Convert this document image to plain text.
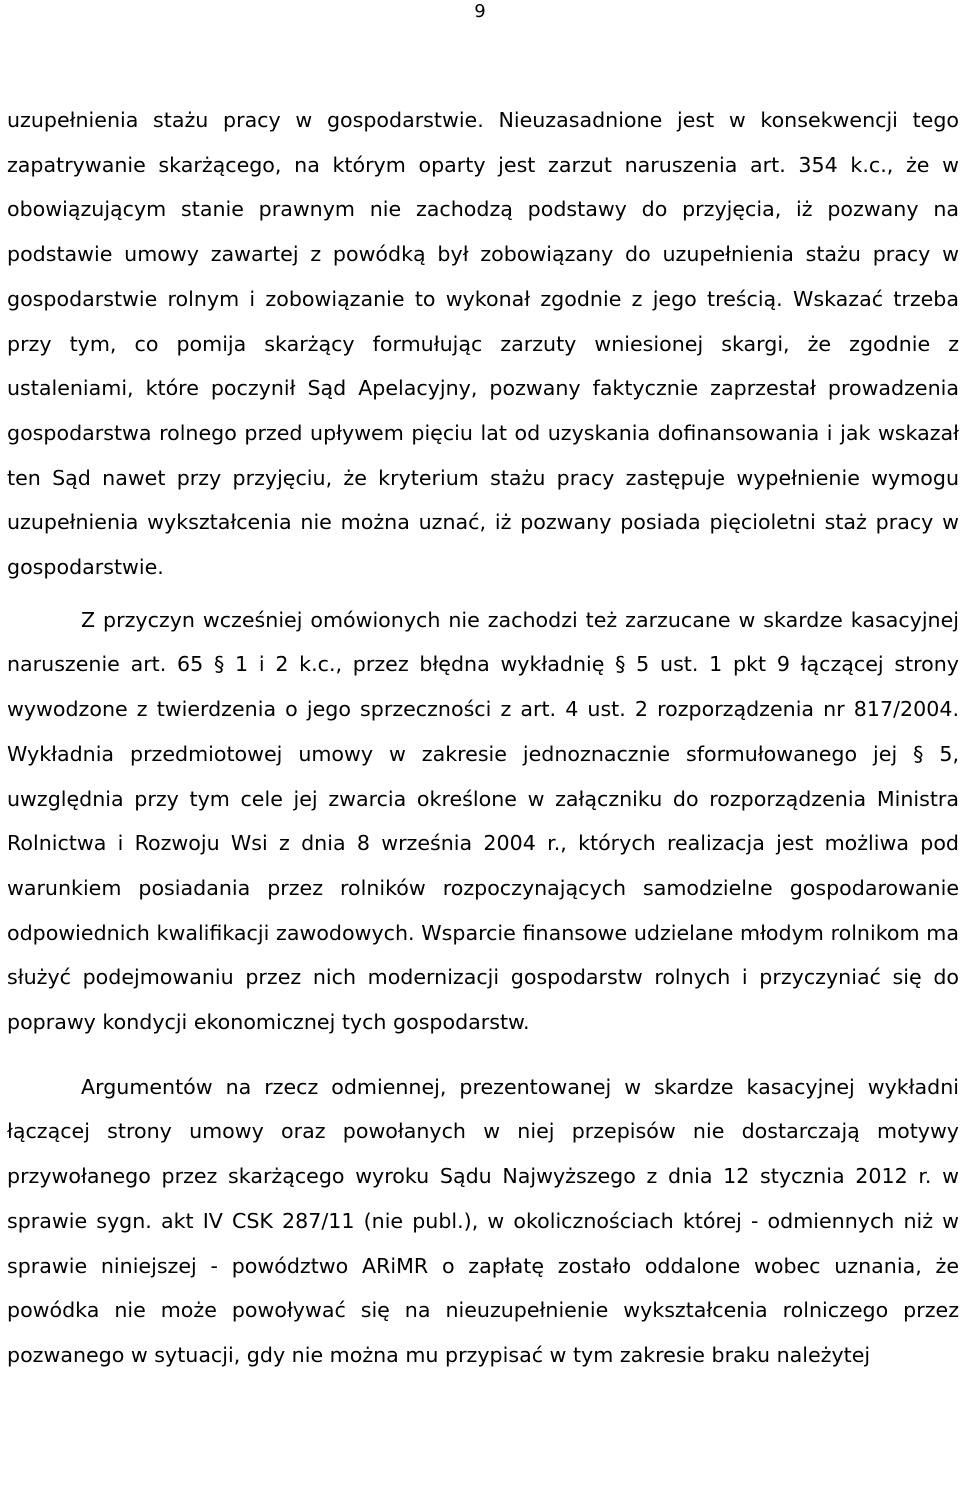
9

uzupełnienia stażu pracy w gospodarstwie. Nieuzasadnione jest w konsekwencji tego zapatrywanie skarżącego, na którym oparty jest zarzut naruszenia art. 354 k.c., że w obowiązującym stanie prawnym nie zachodzą podstawy do przyjęcia, iż pozwany na podstawie umowy zawartej z powódką był zobowiązany do uzupełnienia stażu pracy w gospodarstwie rolnym i zobowiązanie to wykonał zgodnie z jego treścią. Wskazać trzeba przy tym, co pomija skarżący formułując zarzuty wniesionej skargi, że zgodnie z ustaleniami, które poczynił Sąd Apelacyjny, pozwany faktycznie zaprzestał prowadzenia gospodarstwa rolnego przed upływem pięciu lat od uzyskania dofinansowania i jak wskazał ten Sąd nawet przy przyjęciu, że kryterium stażu pracy zastępuje wypełnienie wymogu uzupełnienia wykształcenia nie można uznać, iż pozwany posiada pięcioletni staż pracy w gospodarstwie.

Z przyczyn wcześniej omówionych nie zachodzi też zarzucane w skardze kasacyjnej naruszenie art. 65 § 1 i 2 k.c., przez błędna wykładnię § 5 ust. 1 pkt 9 łączącej strony wywodzone z twierdzenia o jego sprzeczności z art. 4 ust. 2 rozporządzenia nr 817/2004. Wykładnia przedmiotowej umowy w zakresie jednoznacznie sformułowanego jej § 5, uwzględnia przy tym cele jej zwarcia określone w załączniku do rozporządzenia Ministra Rolnictwa i Rozwoju Wsi z dnia 8 września 2004 r., których realizacja jest możliwa pod warunkiem posiadania przez rolników rozpoczynających samodzielne gospodarowanie odpowiednich kwalifikacji zawodowych. Wsparcie finansowe udzielane młodym rolnikom ma służyć podejmowaniu przez nich modernizacji gospodarstw rolnych i przyczyniać się do poprawy kondycji ekonomicznej tych gospodarstw.

Argumentów na rzecz odmiennej, prezentowanej w skardze kasacyjnej wykładni łączącej strony umowy oraz powołanych w niej przepisów nie dostarczają motywy przywołanego przez skarżącego wyroku Sądu Najwyższego z dnia 12 stycznia 2012 r. w sprawie sygn. akt IV CSK 287/11 (nie publ.), w okolicznościach której - odmiennych niż w sprawie niniejszej - powództwo ARiMR o zapłatę zostało oddalone wobec uznania, że powódka nie może powoływać się na nieuzupełnienie wykształcenia rolniczego przez pozwanego w sytuacji, gdy nie można mu przypisać w tym zakresie braku należytej
